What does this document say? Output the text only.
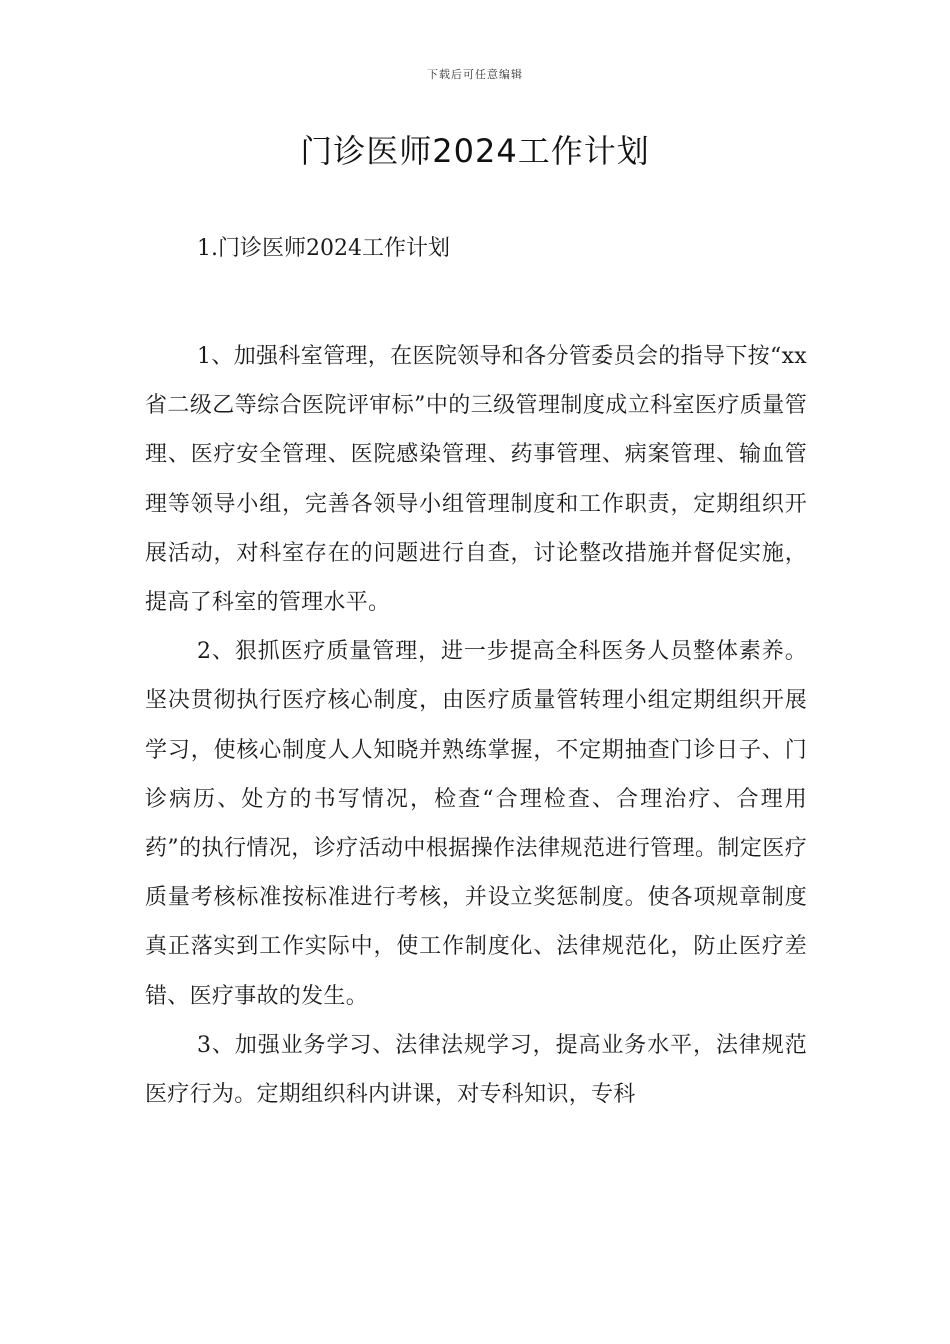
下载后可任意编辑
门诊医师2024工作计划

1.门诊医师2024工作计划

1、加强科室管理，在医院领导和各分管委员会的指导下按“xx省二级乙等综合医院评审标”中的三级管理制度成立科室医疗质量管理、医疗安全管理、医院感染管理、药事管理、病案管理、输血管理等领导小组，完善各领导小组管理制度和工作职责，定期组织开展活动，对科室存在的问题进行自查，讨论整改措施并督促实施，提高了科室的管理水平。

2、狠抓医疗质量管理，进一步提高全科医务人员整体素养。坚决贯彻执行医疗核心制度，由医疗质量管转理小组定期组织开展学习，使核心制度人人知晓并熟练掌握，不定期抽查门诊日子、门诊病历、处方的书写情况，检查“合理检查、合理治疗、合理用药”的执行情况，诊疗活动中根据操作法律规范进行管理。制定医疗质量考核标准按标准进行考核，并设立奖惩制度。使各项规章制度真正落实到工作实际中，使工作制度化、法律规范化，防止医疗差错、医疗事故的发生。

3、加强业务学习、法律法规学习，提高业务水平，法律规范医疗行为。定期组织科内讲课，对专科知识，专科
